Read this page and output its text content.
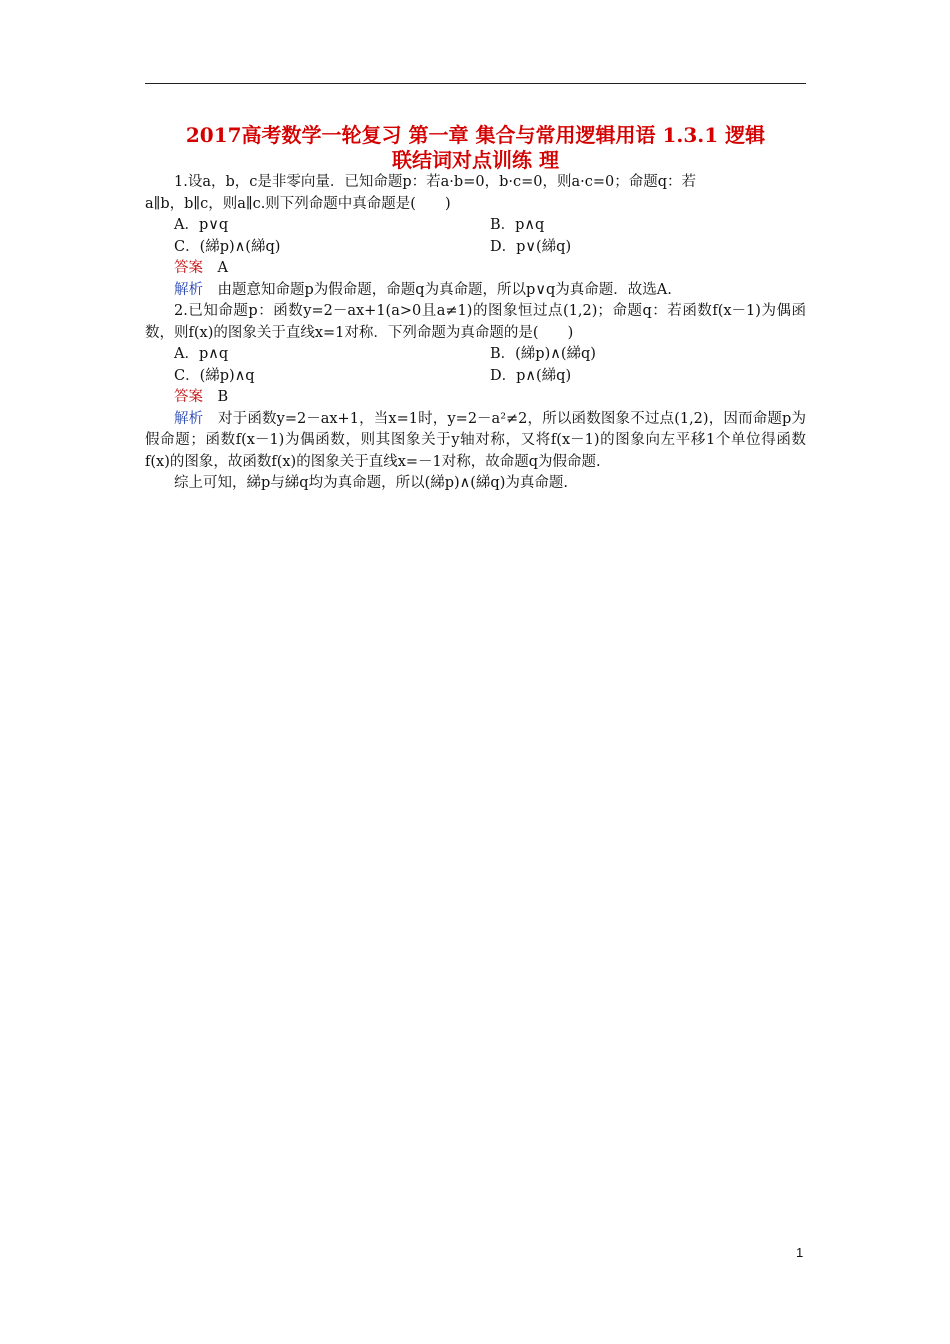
2017高考数学一轮复习 第一章 集合与常用逻辑用语 1.3.1 逻辑
联结词对点训练 理

1.设a，b，c是非零向量．已知命题p：若a·b=0，b·c=0，则a·c=0；命题q：若

a∥b，b∥c，则a∥c.则下列命题中真命题是(　　)

A．p∨q	B．p∧q
C．(綈p)∧(綈q)	D．p∨(綈q)

答案　A

解析　由题意知命题p为假命题，命题q为真命题，所以p∨q为真命题．故选A.

2.已知命题p：函数y=2－ax+1(a>0且a≠1)的图象恒过点(1,2)；命题q：若函数f(x－1)为偶函数，则f(x)的图象关于直线x=1对称．下列命题为真命题的是(　　)

A．p∧q	B．(綈p)∧(綈q)
C．(綈p)∧q	D．p∧(綈q)

答案　B

解析　对于函数y=2－ax+1，当x=1时，y=2－a²≠2，所以函数图象不过点(1,2)，因而命题p为假命题；函数f(x－1)为偶函数，则其图象关于y轴对称，又将f(x－1)的图象向左平移1个单位得函数f(x)的图象，故函数f(x)的图象关于直线x=－1对称，故命题q为假命题.

综上可知，綈p与綈q均为真命题，所以(綈p)∧(綈q)为真命题.

1
